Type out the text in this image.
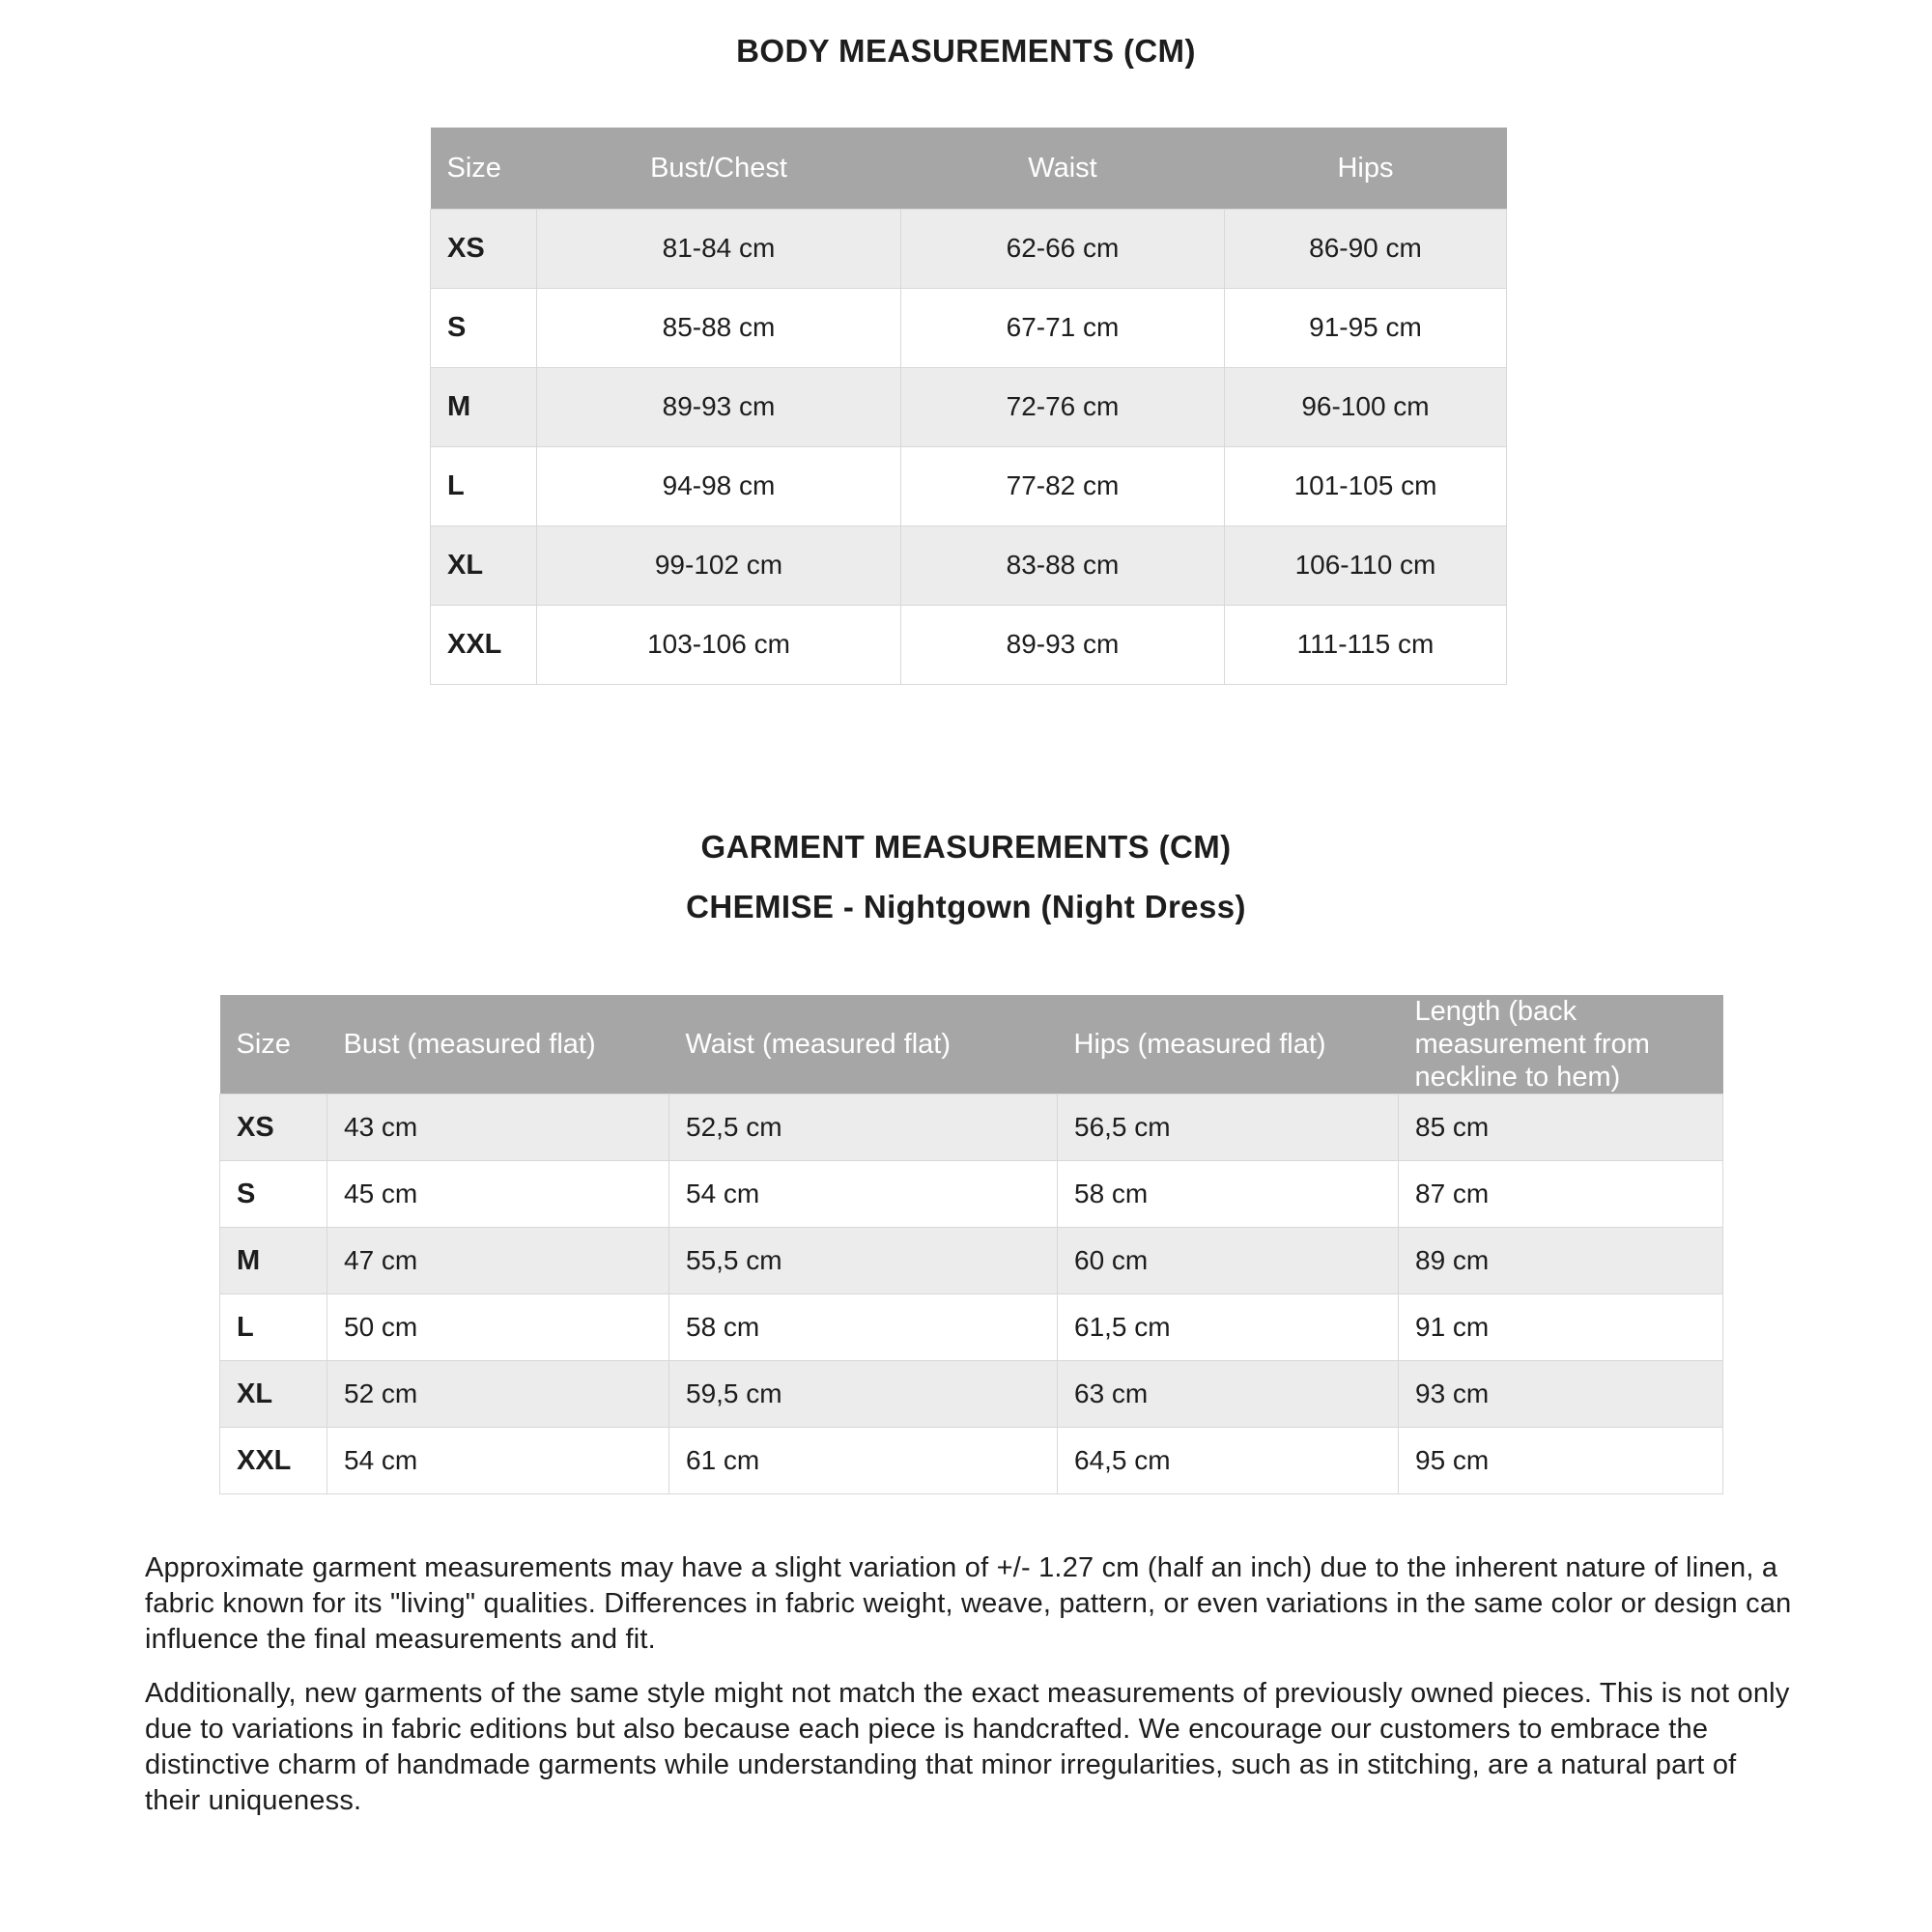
BODY MEASUREMENTS (CM)
Size	Bust/Chest	Waist	Hips
XS	81-84 cm	62-66 cm	86-90 cm
S	85-88 cm	67-71 cm	91-95 cm
M	89-93 cm	72-76 cm	96-100 cm
L	94-98 cm	77-82 cm	101-105 cm
XL	99-102 cm	83-88 cm	106-110 cm
XXL	103-106 cm	89-93 cm	111-115 cm
GARMENT MEASUREMENTS (CM)
CHEMISE - Nightgown (Night Dress)
Size	Bust (measured flat)	Waist (measured flat)	Hips (measured flat)	Length (back measurement from neckline to hem)
XS	43 cm	52,5 cm	56,5 cm	85 cm
S	45 cm	54 cm	58 cm	87 cm
M	47 cm	55,5 cm	60 cm	89 cm
L	50 cm	58 cm	61,5 cm	91 cm
XL	52 cm	59,5 cm	63 cm	93 cm
XXL	54 cm	61 cm	64,5 cm	95 cm

Approximate garment measurements may have a slight variation of +/- 1.27 cm (half an inch) due to the inherent nature of linen, a fabric known for its "living" qualities. Differences in fabric weight, weave, pattern, or even variations in the same color or design can influence the final measurements and fit.

Additionally, new garments of the same style might not match the exact measurements of previously owned pieces. This is not only due to variations in fabric editions but also because each piece is handcrafted. We encourage our customers to embrace the distinctive charm of handmade garments while understanding that minor irregularities, such as in stitching, are a natural part of their uniqueness.
